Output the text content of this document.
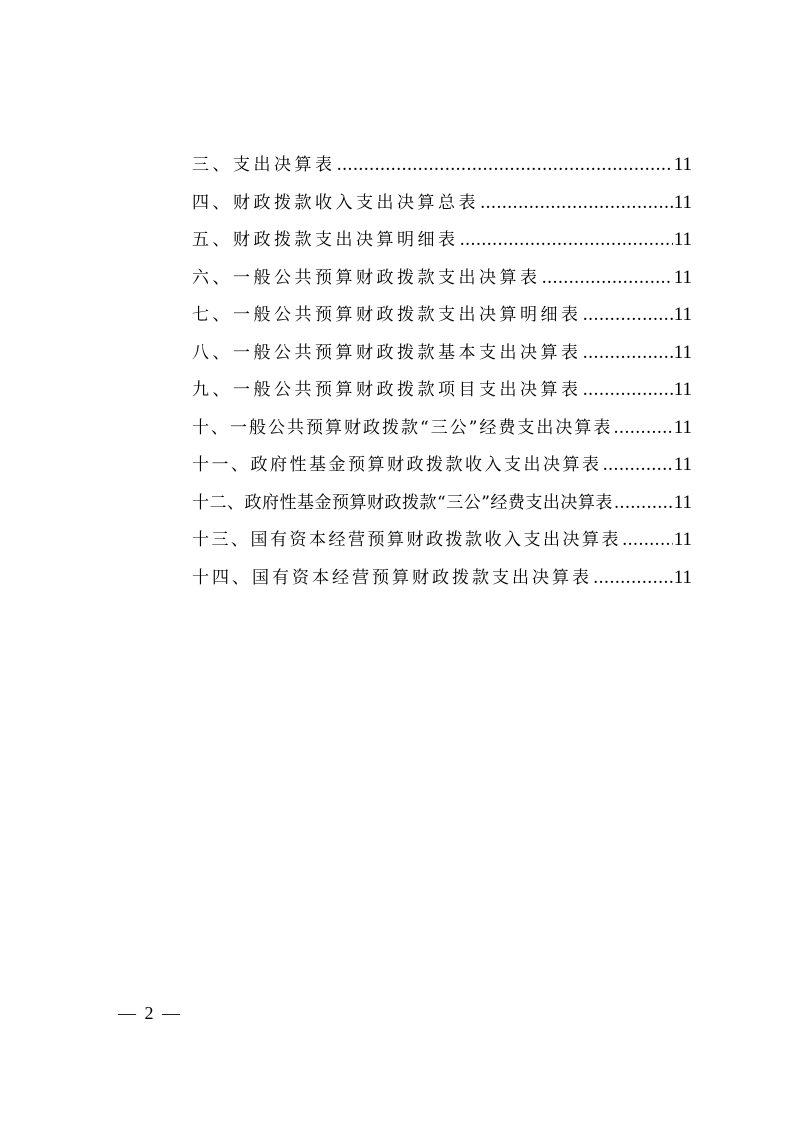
三、支出决算表 .....	11
四、财政拨款收入支出决算总表 .....	11
五、财政拨款支出决算明细表 .....	11
六、一般公共预算财政拨款支出决算表 .....	11
七、一般公共预算财政拨款支出决算明细表 .....	11
八、一般公共预算财政拨款基本支出决算表 .....	11
九、一般公共预算财政拨款项目支出决算表 .....	11
十、一般公共预算财政拨款“三公”经费支出决算表 .....	11
十一、政府性基金预算财政拨款收入支出决算表 .....	11
十二、政府性基金预算财政拨款“三公”经费支出决算表 .....	11
十三、国有资本经营预算财政拨款收入支出决算表 .....	11
十四、国有资本经营预算财政拨款支出决算表 .....	11
— 2 —
